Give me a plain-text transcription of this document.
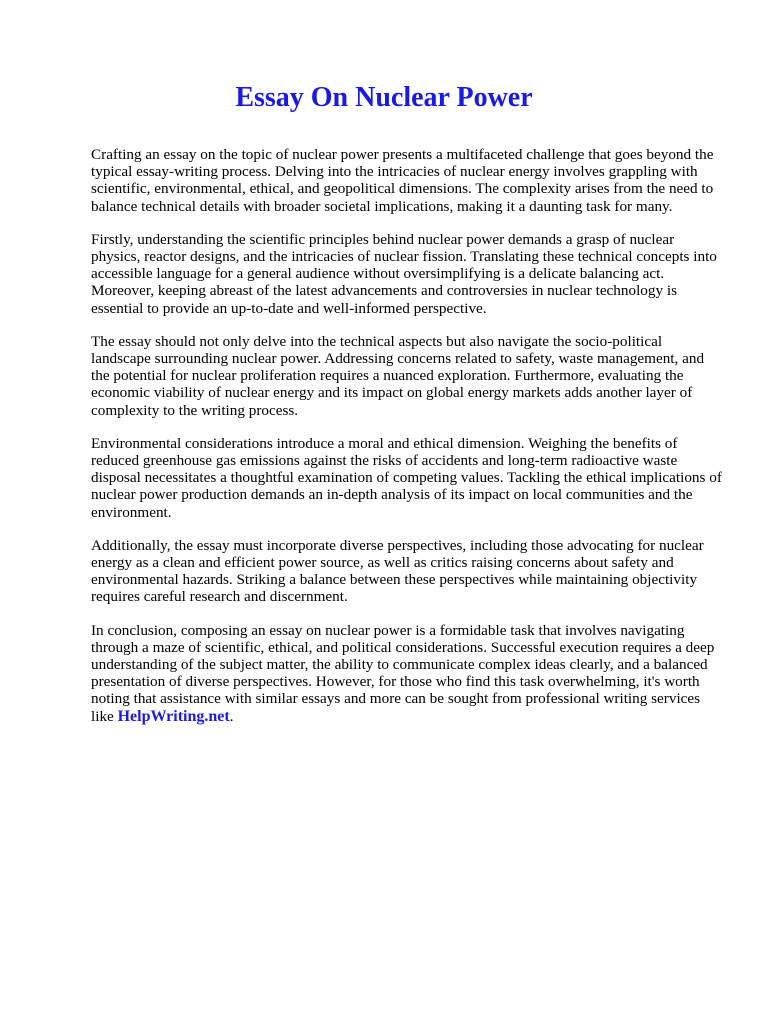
Essay On Nuclear Power

Crafting an essay on the topic of nuclear power presents a multifaceted challenge that goes beyond the typical essay-writing process. Delving into the intricacies of nuclear energy involves grappling with scientific, environmental, ethical, and geopolitical dimensions. The complexity arises from the need to balance technical details with broader societal implications, making it a daunting task for many.

Firstly, understanding the scientific principles behind nuclear power demands a grasp of nuclear physics, reactor designs, and the intricacies of nuclear fission. Translating these technical concepts into accessible language for a general audience without oversimplifying is a delicate balancing act. Moreover, keeping abreast of the latest advancements and controversies in nuclear technology is essential to provide an up-to-date and well-informed perspective.

The essay should not only delve into the technical aspects but also navigate the socio-political landscape surrounding nuclear power. Addressing concerns related to safety, waste management, and the potential for nuclear proliferation requires a nuanced exploration. Furthermore, evaluating the economic viability of nuclear energy and its impact on global energy markets adds another layer of complexity to the writing process.

Environmental considerations introduce a moral and ethical dimension. Weighing the benefits of reduced greenhouse gas emissions against the risks of accidents and long-term radioactive waste disposal necessitates a thoughtful examination of competing values. Tackling the ethical implications of nuclear power production demands an in-depth analysis of its impact on local communities and the environment.

Additionally, the essay must incorporate diverse perspectives, including those advocating for nuclear energy as a clean and efficient power source, as well as critics raising concerns about safety and environmental hazards. Striking a balance between these perspectives while maintaining objectivity requires careful research and discernment.

In conclusion, composing an essay on nuclear power is a formidable task that involves navigating through a maze of scientific, ethical, and political considerations. Successful execution requires a deep understanding of the subject matter, the ability to communicate complex ideas clearly, and a balanced presentation of diverse perspectives. However, for those who find this task overwhelming, it's worth noting that assistance with similar essays and more can be sought from professional writing services like HelpWriting.net.
